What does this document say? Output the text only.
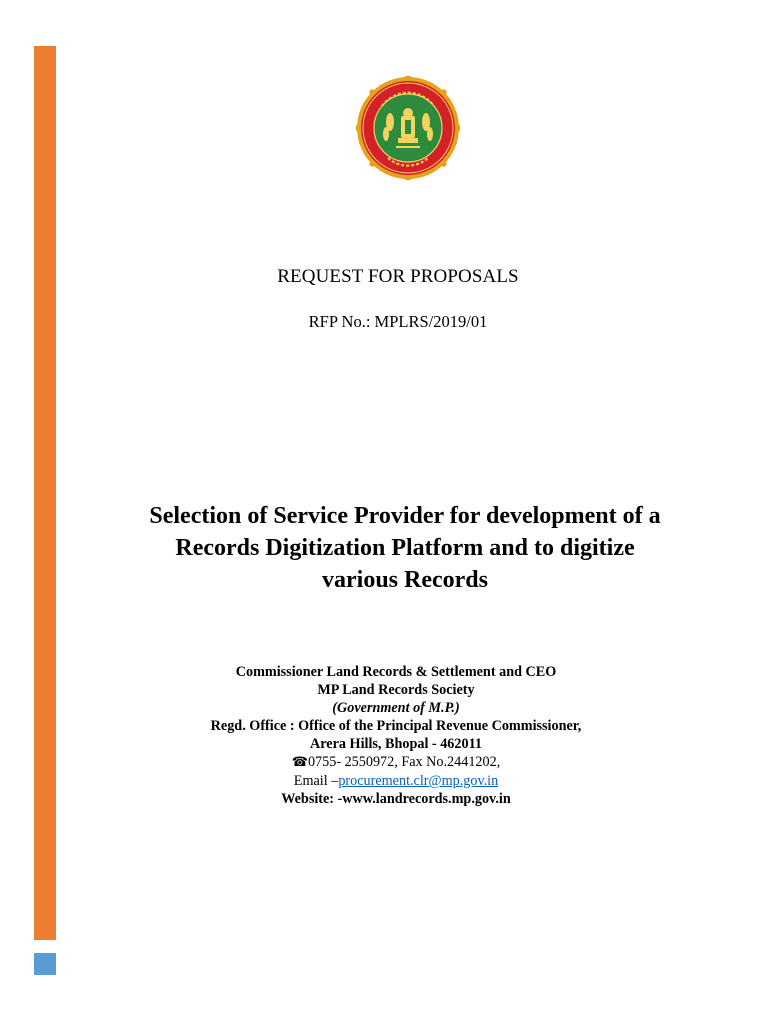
REQUEST FOR PROPOSALS
RFP No.: MPLRS/2019/01
Selection of Service Provider for development of a
Records Digitization Platform and to digitize
various Records
Commissioner Land Records & Settlement and CEO
MP Land Records Society
(Government of M.P.)
Regd. Office : Office of the Principal Revenue Commissioner,
Arera Hills, Bhopal - 462011
☎0755- 2550972, Fax No.2441202,
Email –procurement.clr@mp.gov.in
Website: -www.landrecords.mp.gov.in
